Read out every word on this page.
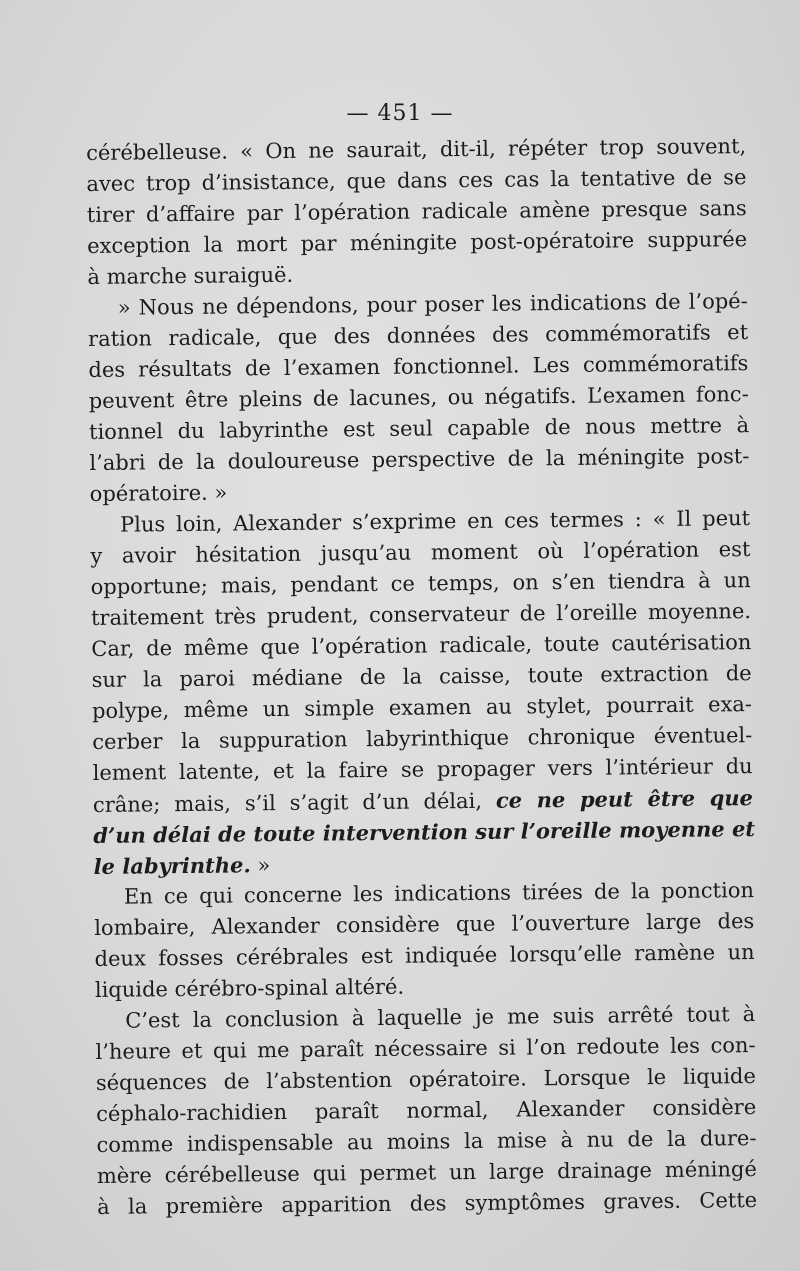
— 451 —
cérébelleuse. « On ne saurait, dit-il, répéter trop souvent,
avec trop d’insistance, que dans ces cas la tentative de se
tirer d’affaire par l’opération radicale amène presque sans
exception la mort par méningite post-opératoire suppurée
à marche suraiguë.
» Nous ne dépendons, pour poser les indications de l’opé-
ration radicale, que des données des commémoratifs et
des résultats de l’examen fonctionnel. Les commémoratifs
peuvent être pleins de lacunes, ou négatifs. L’examen fonc-
tionnel du labyrinthe est seul capable de nous mettre à
l’abri de la douloureuse perspective de la méningite post-
opératoire. »
Plus loin, Alexander s’exprime en ces termes : « Il peut
y avoir hésitation jusqu’au moment où l’opération est
opportune; mais, pendant ce temps, on s’en tiendra à un
traitement très prudent, conservateur de l’oreille moyenne.
Car, de même que l’opération radicale, toute cautérisation
sur la paroi médiane de la caisse, toute extraction de
polype, même un simple examen au stylet, pourrait exa-
cerber la suppuration labyrinthique chronique éventuel-
lement latente, et la faire se propager vers l’intérieur du
crâne; mais, s’il s’agit d’un délai, ce ne peut être que
d’un délai de toute intervention sur l’oreille moyenne et
le labyrinthe. »
En ce qui concerne les indications tirées de la ponction
lombaire, Alexander considère que l’ouverture large des
deux fosses cérébrales est indiquée lorsqu’elle ramène un
liquide cérébro-spinal altéré.
C’est la conclusion à laquelle je me suis arrêté tout à
l’heure et qui me paraît nécessaire si l’on redoute les con-
séquences de l’abstention opératoire. Lorsque le liquide
céphalo-rachidien paraît normal, Alexander considère
comme indispensable au moins la mise à nu de la dure-
mère cérébelleuse qui permet un large drainage méningé
à la première apparition des symptômes graves. Cette
